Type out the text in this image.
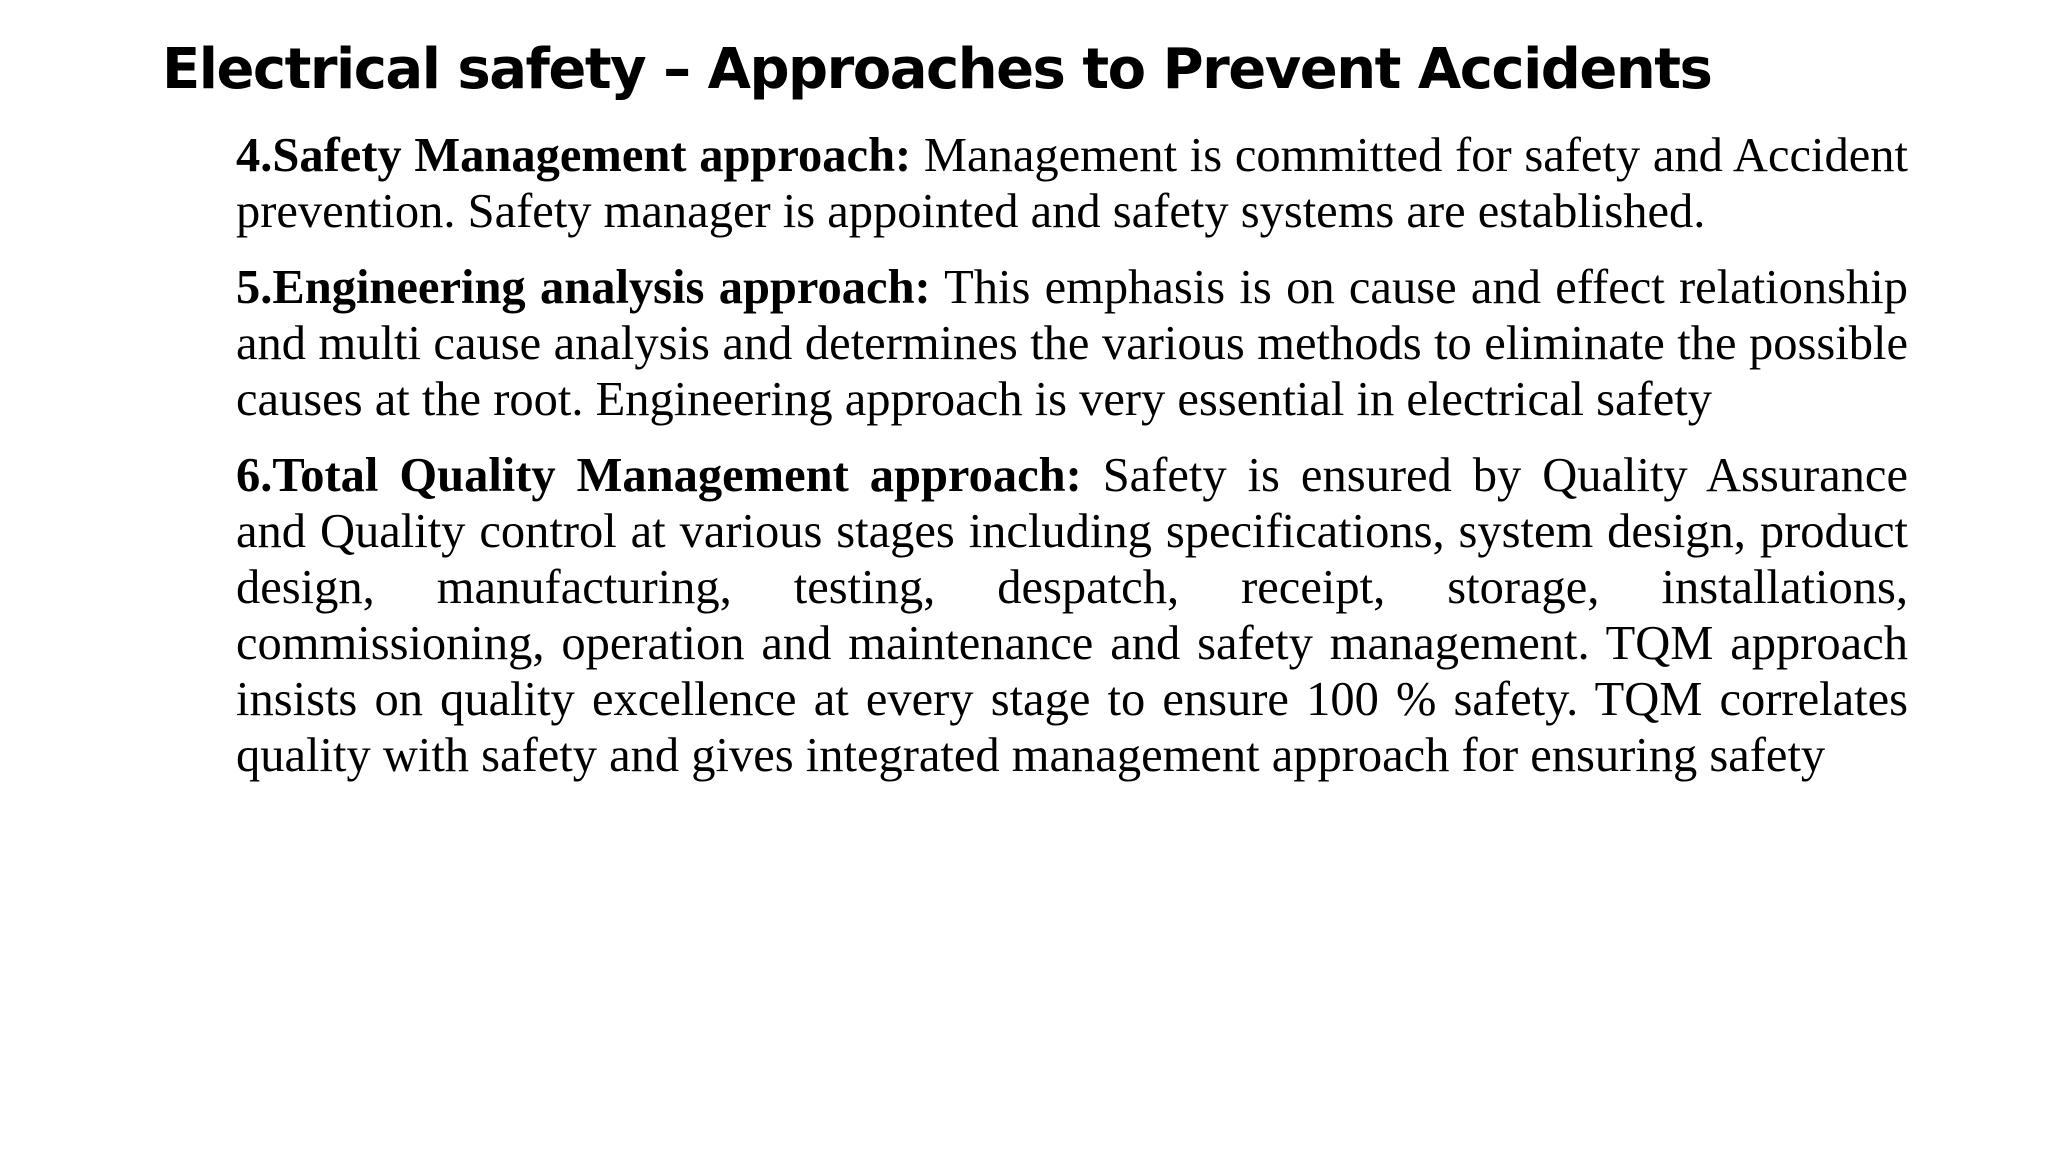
Electrical safety – Approaches to Prevent Accidents

4.Safety Management approach: Management is committed for safety and Accident prevention. Safety manager is appointed and safety systems are established.

5.Engineering analysis approach: This emphasis is on cause and effect relationship and multi cause analysis and determines the various methods to eliminate the possible causes at the root. Engineering approach is very essential in electrical safety

6.Total Quality Management approach: Safety is ensured by Quality Assurance and Quality control at various stages including specifications, system design, product design, manufacturing, testing, despatch, receipt, storage, installations, commissioning, operation and maintenance and safety management. TQM approach insists on quality excellence at every stage to ensure 100 % safety. TQM correlates quality with safety and gives integrated management approach for ensuring safety
